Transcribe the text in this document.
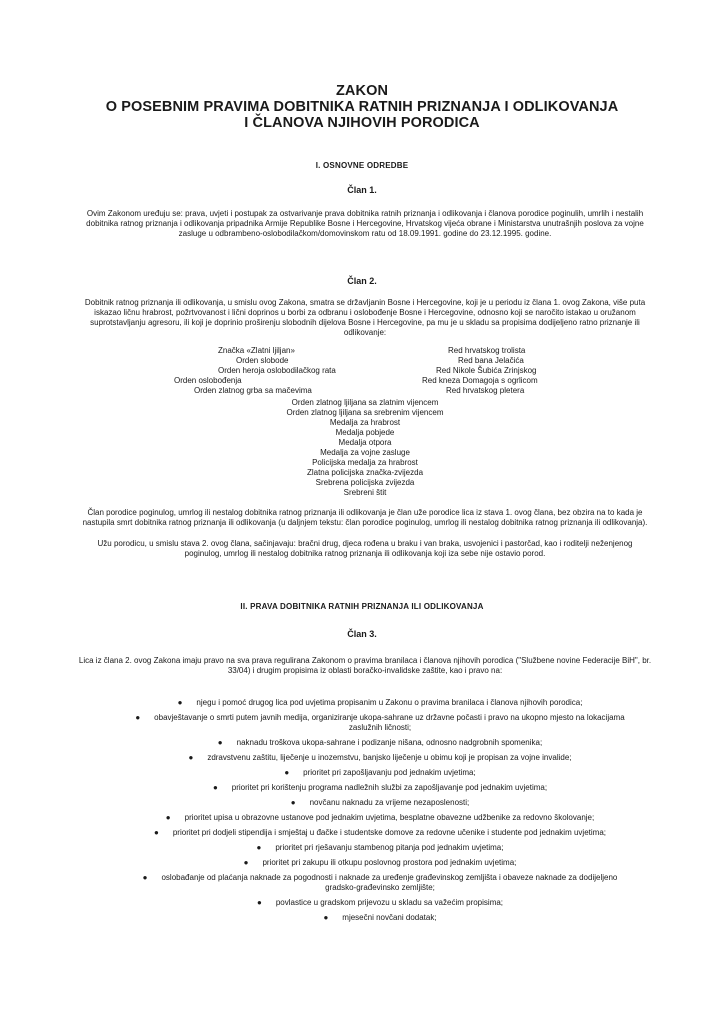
ZAKON

O POSEBNIM PRAVIMA DOBITNIKA RATNIH PRIZNANJA I ODLIKOVANJA

I ČLANOVA NJIHOVIH PORODICA

I. OSNOVNE ODREDBE
Član 1.

Ovim Zakonom uređuju se: prava, uvjeti i postupak za ostvarivanje prava dobitnika ratnih priznanja i odlikovanja i članova porodice poginulih, umrlih i nestalih dobitnika ratnog priznanja i odlikovanja pripadnika Armije Republike Bosne i Hercegovine, Hrvatskog vijeća obrane i Ministarstva unutrašnjih poslova za vojne zasluge u odbrambeno-oslobodilačkom/domovinskom ratu od 18.09.1991. godine do 23.12.1995. godine.

Član 2.

Dobitnik ratnog priznanja ili odlikovanja, u smislu ovog Zakona, smatra se državljanin Bosne i Hercegovine, koji je u periodu iz člana 1. ovog Zakona, više puta iskazao ličnu hrabrost, požrtvovanost i lični doprinos u borbi za odbranu i oslobođenje Bosne i Hercegovine, odnosno koji se naročito istakao u oružanom suprotstavljanju agresoru, ili koji je doprinio proširenju slobodnih dijelova Bosne i Hercegovine, pa mu je u skladu sa propisima dodijeljeno ratno priznanje ili odlikovanje:

Značka «Zlatni ljiljan»
Orden slobode
Orden heroja oslobodilačkog rata
Orden oslobođenja
Orden zlatnog grba sa mačevima
Red hrvatskog trolista
Red bana Jelačića
Red Nikole Šubića Zrinjskog
Red kneza Domagoja s ogrlicom
Red hrvatskog pletera
Orden zlatnog ljiljana sa zlatnim vijencem
Orden zlatnog ljiljana sa srebrenim vijencem
Medalja za hrabrost
Medalja pobjede
Medalja otpora
Medalja za vojne zasluge
Policijska medalja za hrabrost
Zlatna policijska značka-zvijezda
Srebrena policijska zvijezda
Srebreni štit

Član porodice poginulog, umrlog ili nestalog dobitnika ratnog priznanja ili odlikovanja je član uže porodice lica iz stava 1. ovog člana, bez obzira na to kada je nastupila smrt dobitnika ratnog priznanja ili odlikovanja (u daljnjem tekstu: član porodice poginulog, umrlog ili nestalog dobitnika ratnog priznanja ili odlikovanja).

Užu porodicu, u smislu stava 2. ovog člana, sačinjavaju: bračni drug, djeca rođena u braku i van braka, usvojenici i pastorčad, kao i roditelji neženjenog poginulog, umrlog ili nestalog dobitnika ratnog priznanja ili odlikovanja koji iza sebe nije ostavio porod.

II. PRAVA DOBITNIKA RATNIH PRIZNANJA ILI ODLIKOVANJA
Član 3.

Lica iz člana 2. ovog Zakona imaju pravo na sva prava regulirana Zakonom o pravima branilaca i članova njihovih porodica ("Službene novine Federacije BiH", br. 33/04) i drugim propisima iz oblasti boračko-invalidske zaštite, kao i pravo na:

● njegu i pomoć drugog lica pod uvjetima propisanim u Zakonu o pravima branilaca i članova njihovih porodica;
● obavještavanje o smrti putem javnih medija, organiziranje ukopa-sahrane uz državne počasti i pravo na ukopno mjesto na lokacijama zaslužnih ličnosti;
● naknadu troškova ukopa-sahrane i podizanje nišana, odnosno nadgrobnih spomenika;
● zdravstvenu zaštitu, liječenje u inozemstvu, banjsko liječenje u obimu koji je propisan za vojne invalide;
● prioritet pri zapošljavanju pod jednakim uvjetima;
● prioritet pri korištenju programa nadležnih službi za zapošljavanje pod jednakim uvjetima;
● novčanu naknadu za vrijeme nezaposlenosti;
● prioritet upisa u obrazovne ustanove pod jednakim uvjetima, besplatne obavezne udžbenike za redovno školovanje;
● prioritet pri dodjeli stipendija i smještaj u đačke i studentske domove za redovne učenike i studente pod jednakim uvjetima;
● prioritet pri rješavanju stambenog pitanja pod jednakim uvjetima;
● prioritet pri zakupu ili otkupu poslovnog prostora pod jednakim uvjetima;
● oslobađanje od plaćanja naknade za pogodnosti i naknade za uređenje građevinskog zemljišta i obaveze naknade za dodijeljeno gradsko-građevinsko zemljište;
● povlastice u gradskom prijevozu u skladu sa važećim propisima;
● mjesečni novčani dodatak;
